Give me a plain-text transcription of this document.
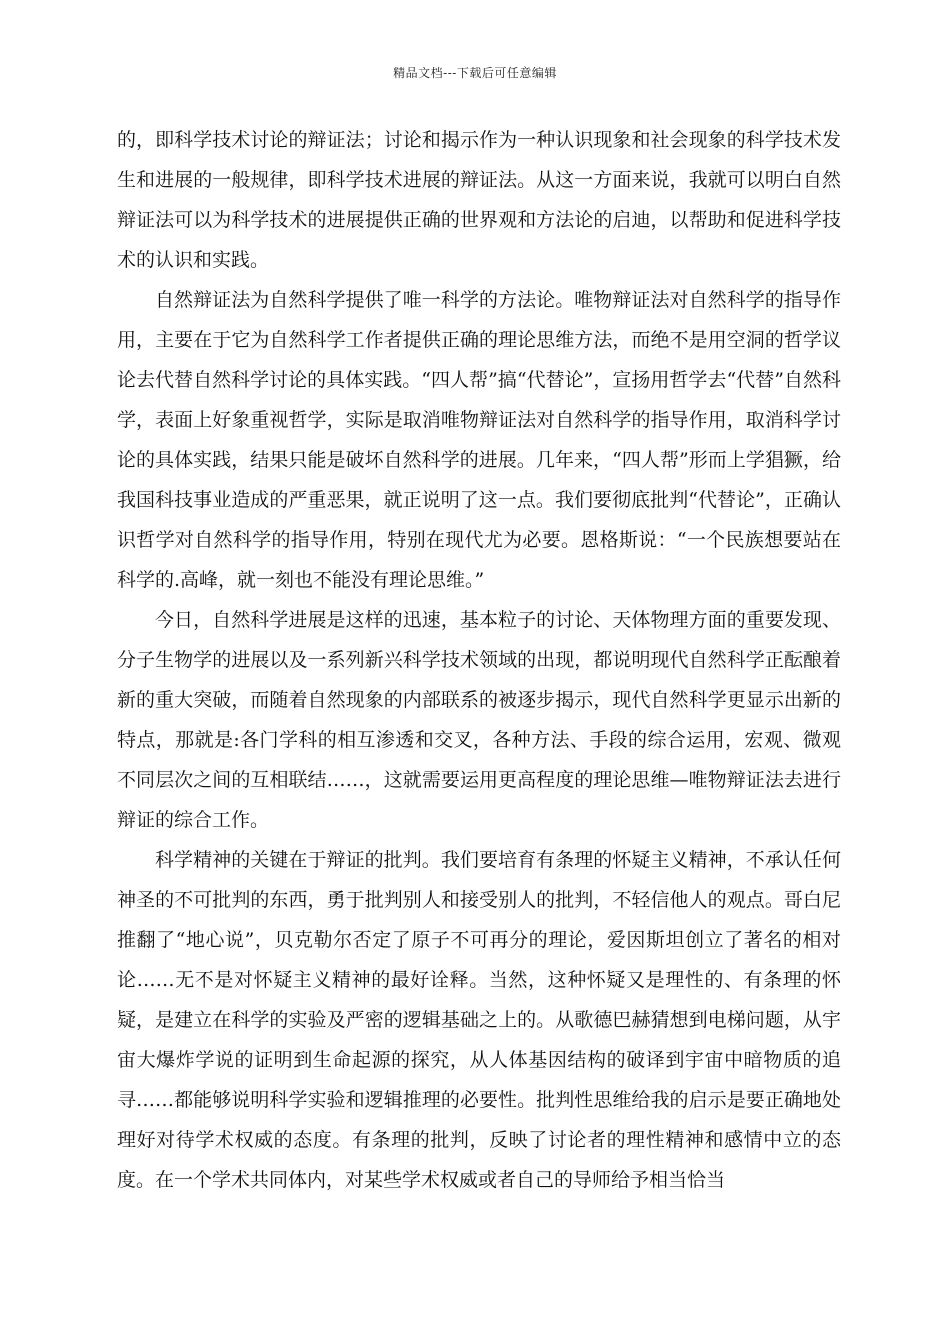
精品文档---下载后可任意编辑

的，即科学技术讨论的辩证法；讨论和揭示作为一种认识现象和社会现象的科学技术发生和进展的一般规律，即科学技术进展的辩证法。从这一方面来说，我就可以明白自然辩证法可以为科学技术的进展提供正确的世界观和方法论的启迪，以帮助和促进科学技术的认识和实践。

自然辩证法为自然科学提供了唯一科学的方法论。唯物辩证法对自然科学的指导作用，主要在于它为自然科学工作者提供正确的理论思维方法，而绝不是用空洞的哲学议论去代替自然科学讨论的具体实践。“四人帮”搞“代替论”，宣扬用哲学去“代替”自然科学，表面上好象重视哲学，实际是取消唯物辩证法对自然科学的指导作用，取消科学讨论的具体实践，结果只能是破坏自然科学的进展。几年来，“四人帮”形而上学猖獗，给我国科技事业造成的严重恶果，就正说明了这一点。我们要彻底批判“代替论”，正确认识哲学对自然科学的指导作用，特别在现代尤为必要。恩格斯说：“一个民族想要站在科学的.高峰，就一刻也不能没有理论思维。”

今日，自然科学进展是这样的迅速，基本粒子的讨论、天体物理方面的重要发现、分子生物学的进展以及一系列新兴科学技术领域的出现，都说明现代自然科学正酝酿着新的重大突破，而随着自然现象的内部联系的被逐步揭示，现代自然科学更显示出新的特点，那就是:各门学科的相互渗透和交叉，各种方法、手段的综合运用，宏观、微观不同层次之间的互相联结……，这就需要运用更高程度的理论思维—唯物辩证法去进行辩证的综合工作。

科学精神的关键在于辩证的批判。我们要培育有条理的怀疑主义精神，不承认任何神圣的不可批判的东西，勇于批判别人和接受别人的批判，不轻信他人的观点。哥白尼推翻了“地心说”，贝克勒尔否定了原子不可再分的理论，爱因斯坦创立了著名的相对论……无不是对怀疑主义精神的最好诠释。当然，这种怀疑又是理性的、有条理的怀疑，是建立在科学的实验及严密的逻辑基础之上的。从歌德巴赫猜想到电梯问题，从宇宙大爆炸学说的证明到生命起源的探究，从人体基因结构的破译到宇宙中暗物质的追寻……都能够说明科学实验和逻辑推理的必要性。批判性思维给我的启示是要正确地处理好对待学术权威的态度。有条理的批判，反映了讨论者的理性精神和感情中立的态度。在一个学术共同体内，对某些学术权威或者自己的导师给予相当恰当
